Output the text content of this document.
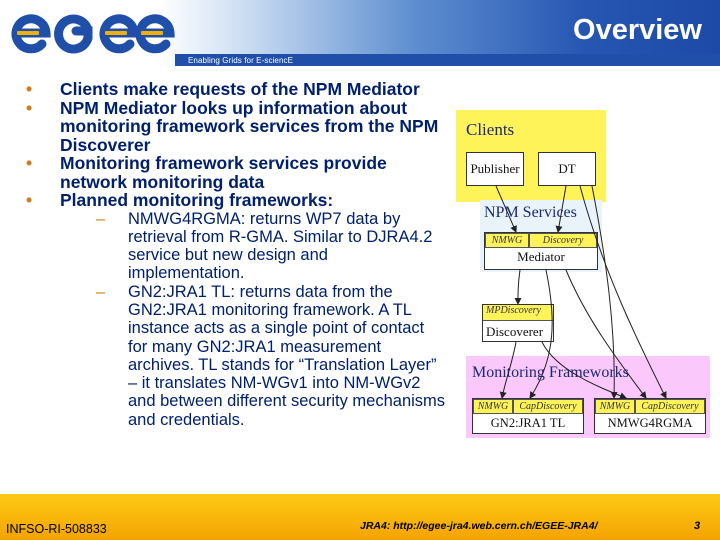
Enabling Grids for E-sciencE
Overview
• Clients make requests of the NPM Mediator
• NPM Mediator looks up information about monitoring framework services from the NPM Discoverer
• Monitoring framework services provide network monitoring data
• Planned monitoring frameworks:
– NMWG4RGMA: returns WP7 data by retrieval from R-GMA. Similar to DJRA4.2 service but new design and implementation.
– GN2:JRA1 TL: returns data from the GN2:JRA1 monitoring framework. A TL instance acts as a single point of contact for many GN2:JRA1 measurement archives. TL stands for “Translation Layer” – it translates NM-WGv1 into NM-WGv2 and between different security mechanisms and credentials.
Clients
Publisher	DT
NPM Services
NMWG	Discovery
Mediator
MPDiscovery
Discoverer
Monitoring Frameworks
NMWG	CapDiscovery
GN2:JRA1 TL
NMWG	CapDiscovery
NMWG4RGMA
INFSO-RI-508833	JRA4: http://egee-jra4.web.cern.ch/EGEE-JRA4/	3
